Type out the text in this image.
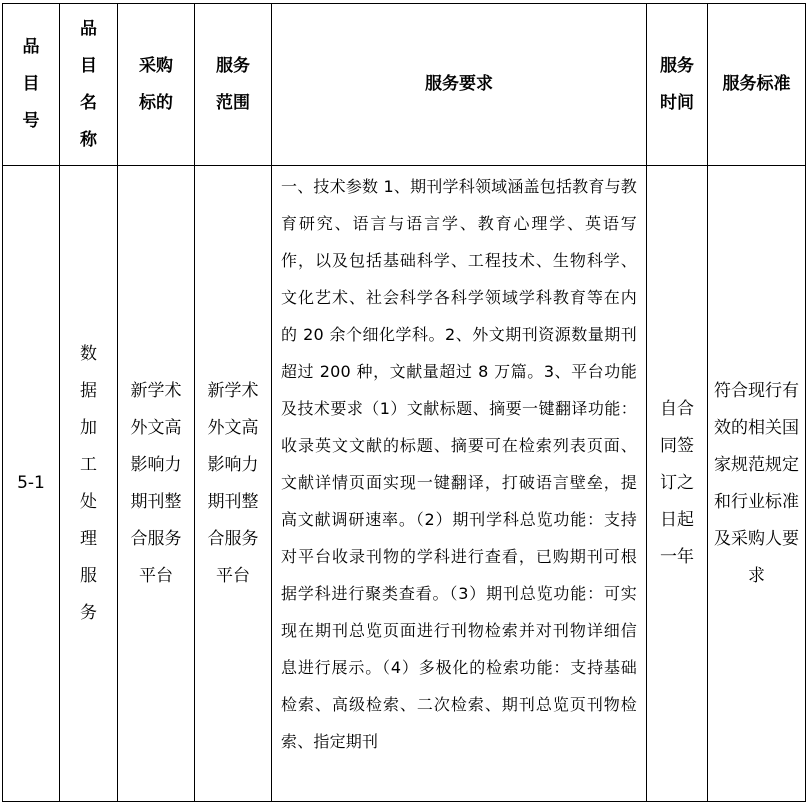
品目号	品目名称	采购标的	服务范围	服务要求	服务时间	服务标准

5-1	数据加工处理服务	新学术外文高影响力期刊整合服务平台	新学术外文高影响力期刊整合服务平台	一、技术参数 1、期刊学科领域涵盖包括教育与教育研究、语言与语言学、教育心理学、英语写作，以及包括基础科学、工程技术、生物科学、文化艺术、社会科学各科学领域学科教育等在内的 20 余个细化学科。2、外文期刊资源数量期刊超过 200 种，文献量超过 8 万篇。3、平台功能及技术要求（1）文献标题、摘要一键翻译功能：收录英文文献的标题、摘要可在检索列表页面、文献详情页面实现一键翻译，打破语言壁垒，提高文献调研速率。（2）期刊学科总览功能：支持对平台收录刊物的学科进行查看，已购期刊可根据学科进行聚类查看。（3）期刊总览功能：可实现在期刊总览页面进行刊物检索并对刊物详细信息进行展示。（4）多极化的检索功能：支持基础检索、高级检索、二次检索、期刊总览页刊物检索、指定期刊	自合同签订之日起一年	符合现行有效的相关国家规范规定和行业标准及采购人要求
